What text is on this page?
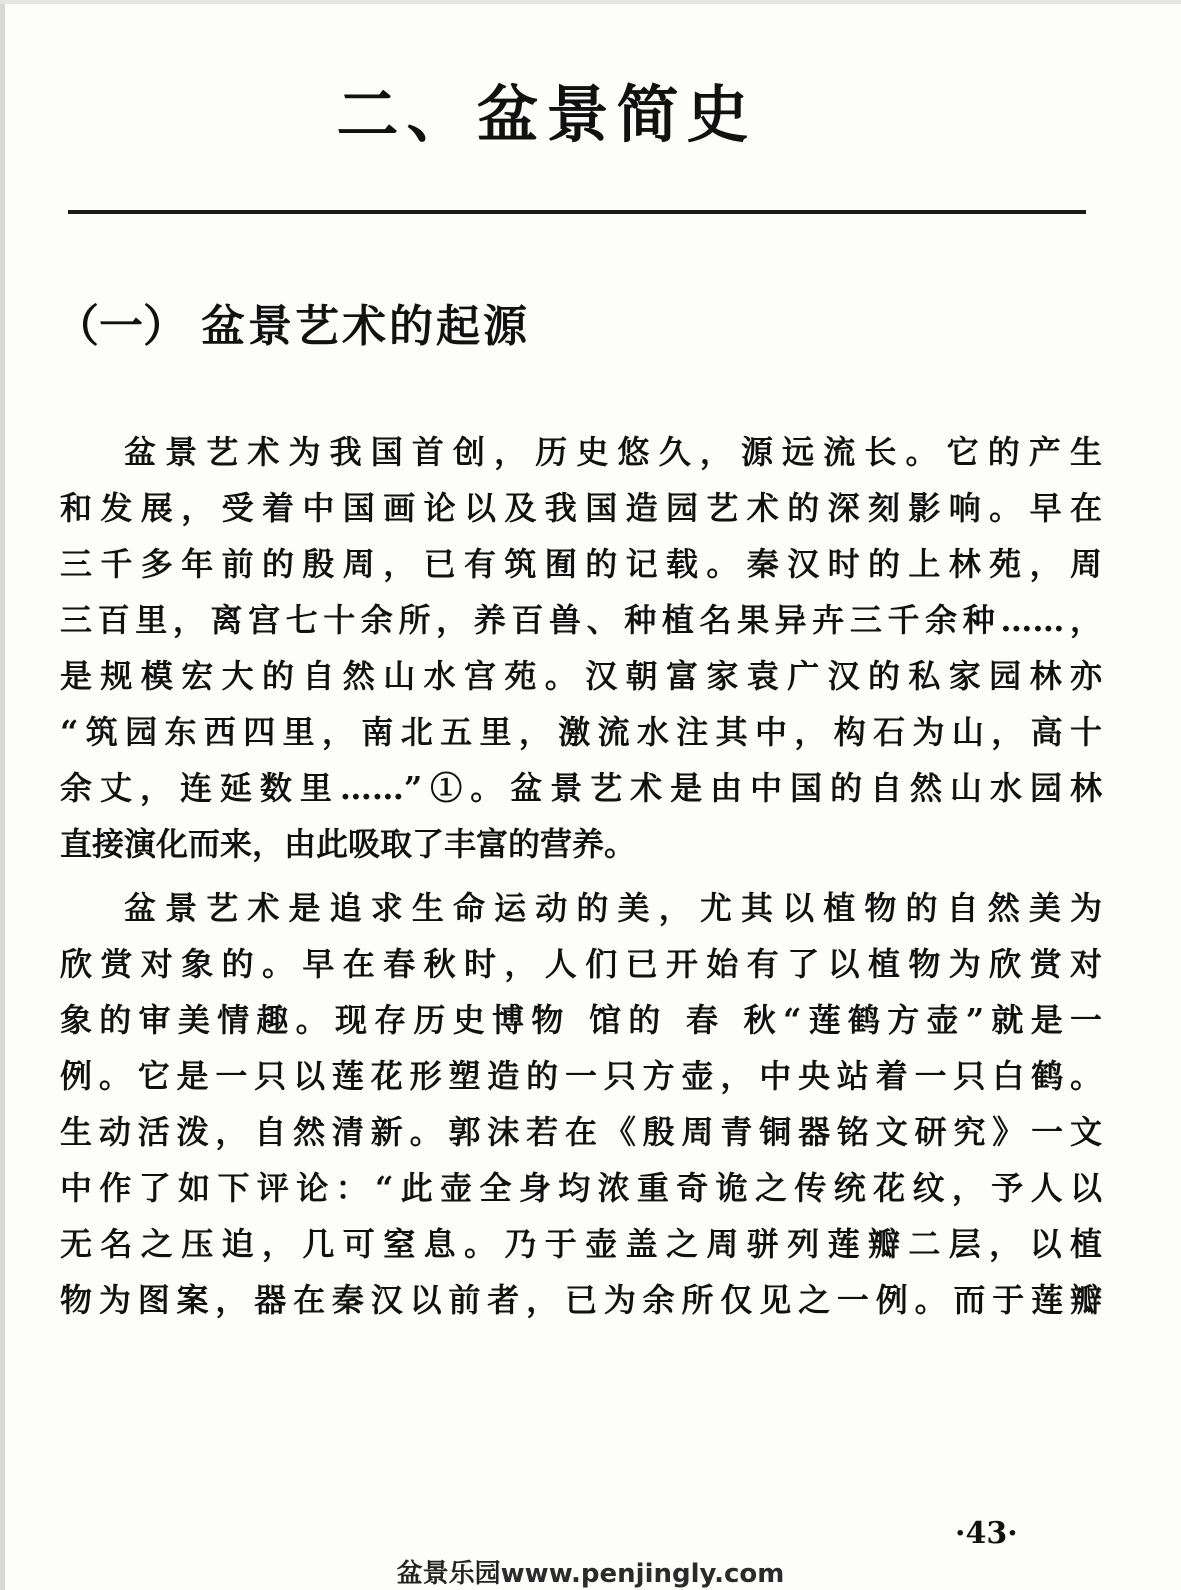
二、盆景简史
（一） 盆景艺术的起源
盆景艺术为我国首创，历史悠久，源远流长。它的产生
和发展，受着中国画论以及我国造园艺术的深刻影响。早在
三千多年前的殷周，已有筑囿的记载。秦汉时的上林苑，周
三百里，离宫七十余所，养百兽、种植名果异卉三千余种……，
是规模宏大的自然山水宫苑。汉朝富家袁广汉的私家园林亦
“筑园东西四里，南北五里，激流水注其中，构石为山，高十
余丈，连延数里……”①。盆景艺术是由中国的自然山水园林
直接演化而来，由此吸取了丰富的营养。
盆景艺术是追求生命运动的美，尤其以植物的自然美为
欣赏对象的。早在春秋时，人们已开始有了以植物为欣赏对
象的审美情趣。现存历史博物 馆的 春 秋“莲鹤方壶”就是一
例。它是一只以莲花形塑造的一只方壶，中央站着一只白鹤。
生动活泼，自然清新。郭沫若在《殷周青铜器铭文研究》一文
中作了如下评论：“此壶全身均浓重奇诡之传统花纹，予人以
无名之压迫，几可窒息。乃于壶盖之周骈列莲瓣二层，以植
物为图案，器在秦汉以前者，已为余所仅见之一例。而于莲瓣
·43·
盆景乐园www.penjingly.com
